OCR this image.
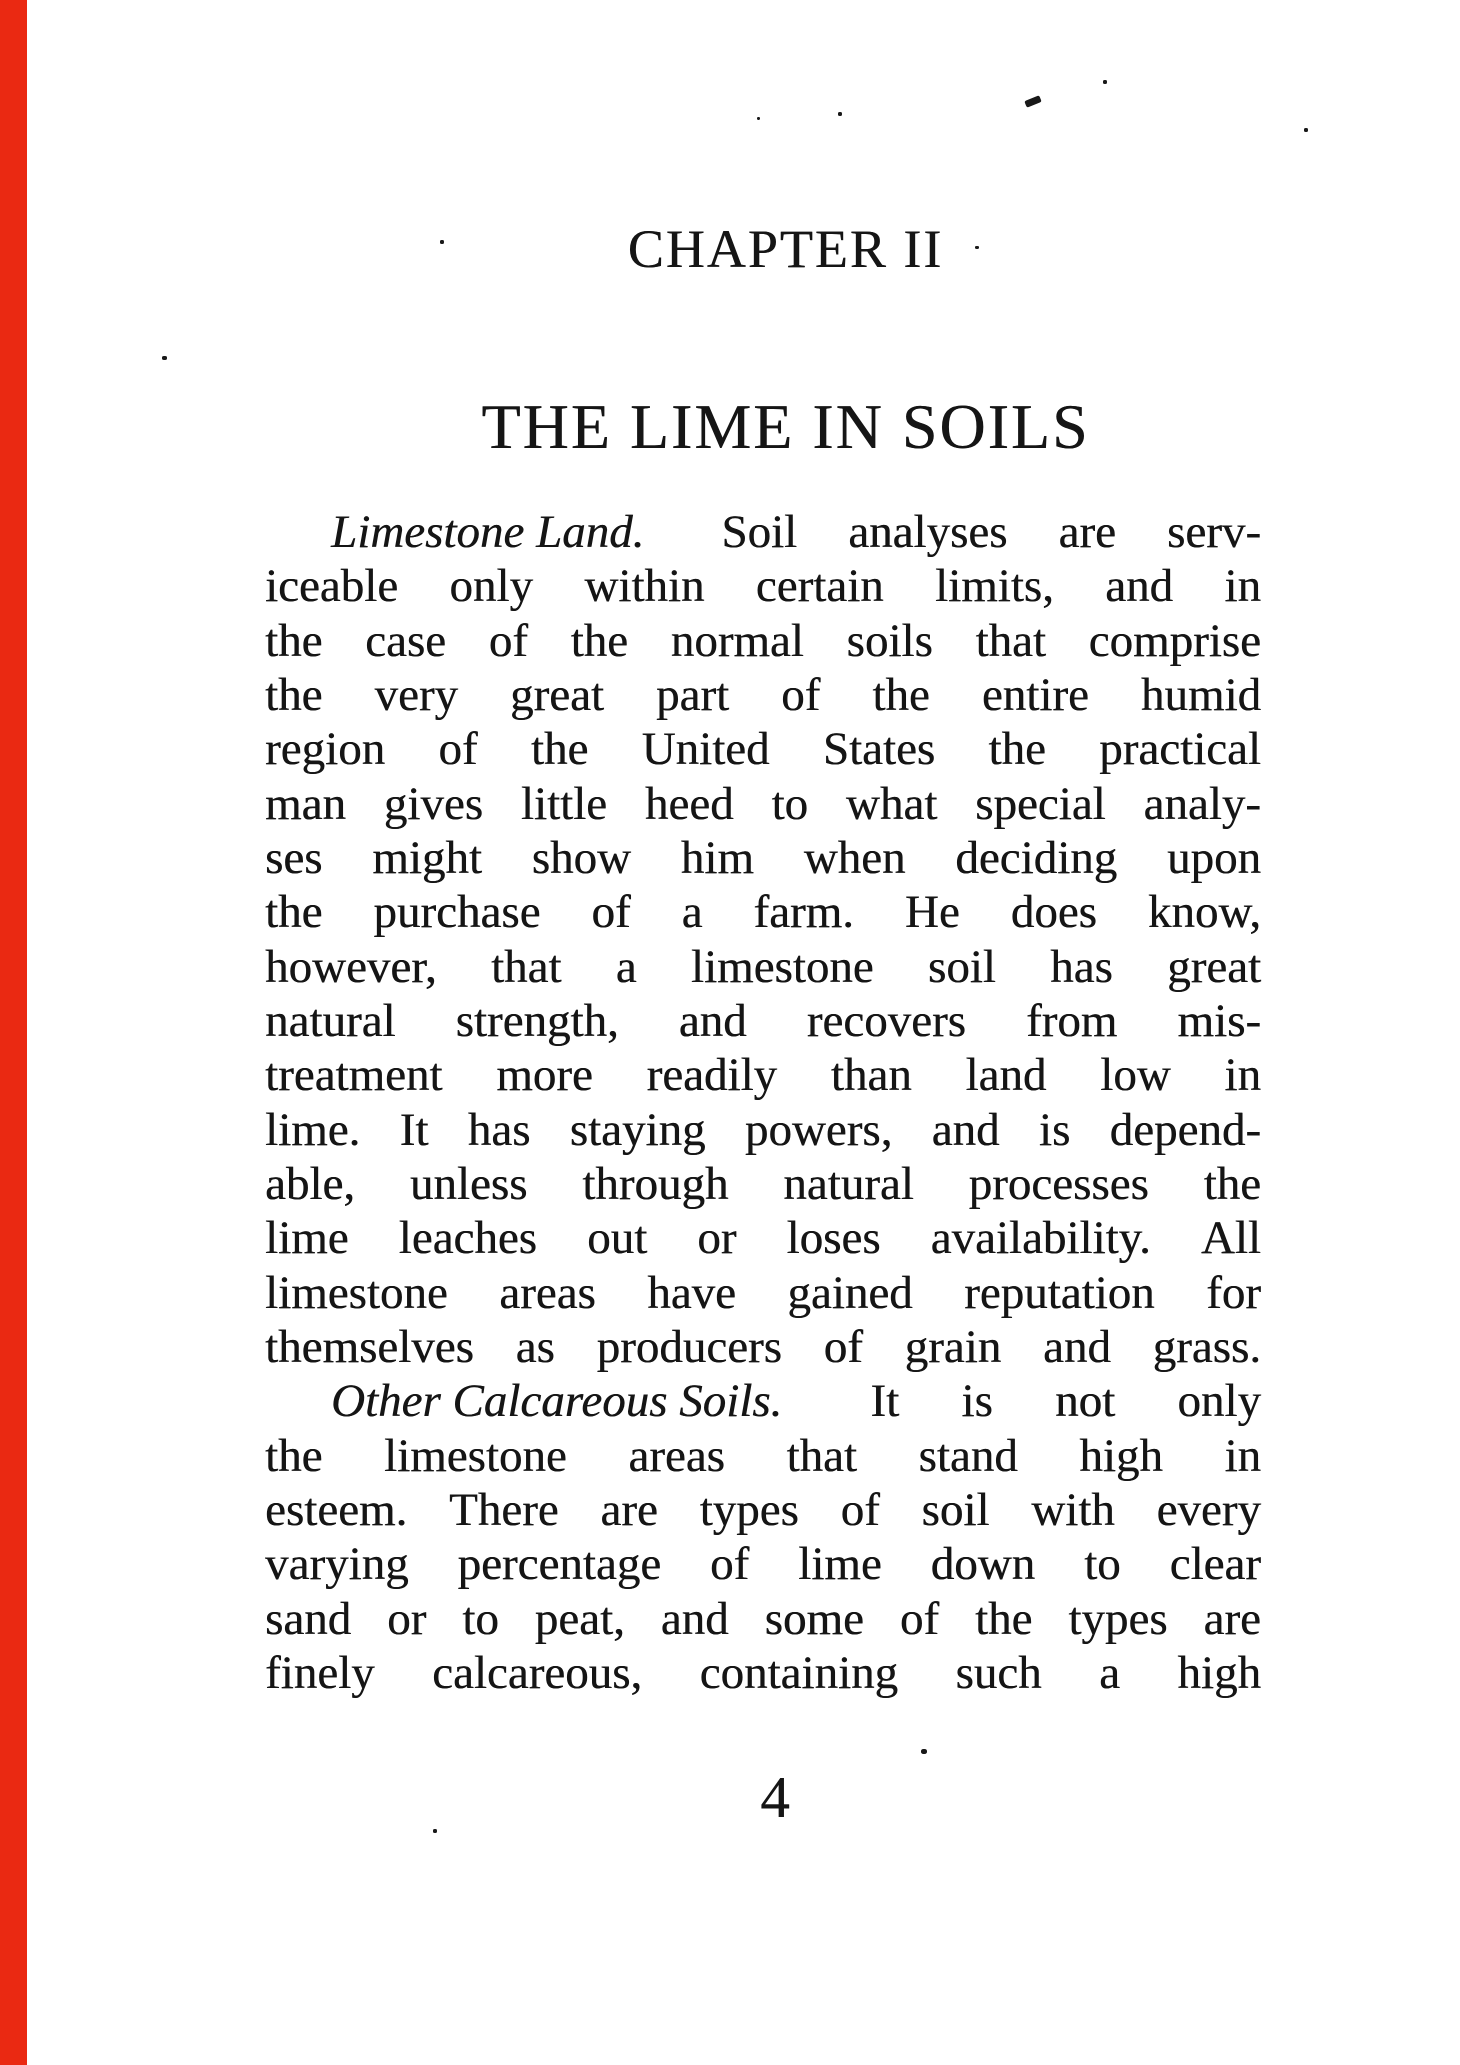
CHAPTER II
THE LIME IN SOILS
Limestone Land.	Soil analyses are serv-
iceable only within certain limits, and in
the case of the normal soils that comprise
the very great part of the entire humid
region of the United States the practical
man gives little heed to what special analy-
ses might show him when deciding upon
the purchase of a farm. He does know,
however, that a limestone soil has great
natural strength, and recovers from mis-
treatment more readily than land low in
lime. It has staying powers, and is depend-
able, unless through natural processes the
lime leaches out or loses availability. All
limestone areas have gained reputation for
themselves as producers of grain and grass.
Other Calcareous Soils.	It is not only
the limestone areas that stand high in
esteem. There are types of soil with every
varying percentage of lime down to clear
sand or to peat, and some of the types are
finely calcareous, containing such a high
4
